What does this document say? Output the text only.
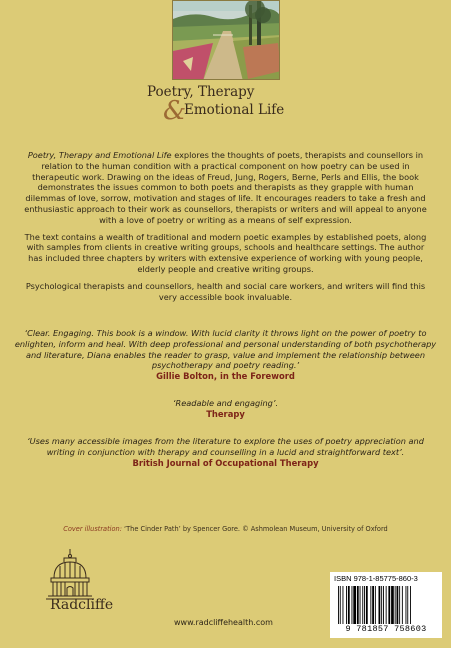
Poetry, Therapy
&
Emotional Life

Poetry, Therapy and Emotional Life explores the thoughts of poets, therapists and counsellors in relation to the human condition with a practical component on how poetry can be used in therapeutic work. Drawing on the ideas of Freud, Jung, Rogers, Berne, Perls and Ellis, the book demonstrates the issues common to both poets and therapists as they grapple with human dilemmas of love, sorrow, motivation and stages of life. It encourages readers to take a fresh and enthusiastic approach to their work as counsellors, therapists or writers and will appeal to anyone with a love of poetry or writing as a means of self expression.

The text contains a wealth of traditional and modern poetic examples by established poets, along with samples from clients in creative writing groups, schools and healthcare settings. The author has included three chapters by writers with extensive experience of working with young people, elderly people and creative writing groups.

Psychological therapists and counsellors, health and social care workers, and writers will find this very accessible book invaluable.

‘Clear. Engaging. This book is a window. With lucid clarity it throws light on the power of poetry to enlighten, inform and heal. With deep professional and personal understanding of both psychotherapy and literature, Diana enables the reader to grasp, value and implement the relationship between psychotherapy and poetry reading.’
Gillie Bolton, in the Foreword
‘Readable and engaging’.
Therapy
‘Uses many accessible images from the literature to explore the uses of poetry appreciation and writing in conjunction with therapy and counselling in a lucid and straightforward text’.
British Journal of Occupational Therapy
Cover illustration: ‘The Cinder Path’ by Spencer Gore. © Ashmolean Museum, University of Oxford
Radcliffe
www.radcliffehealth.com
ISBN 978-1-85775-860-3
9 781857 758603
